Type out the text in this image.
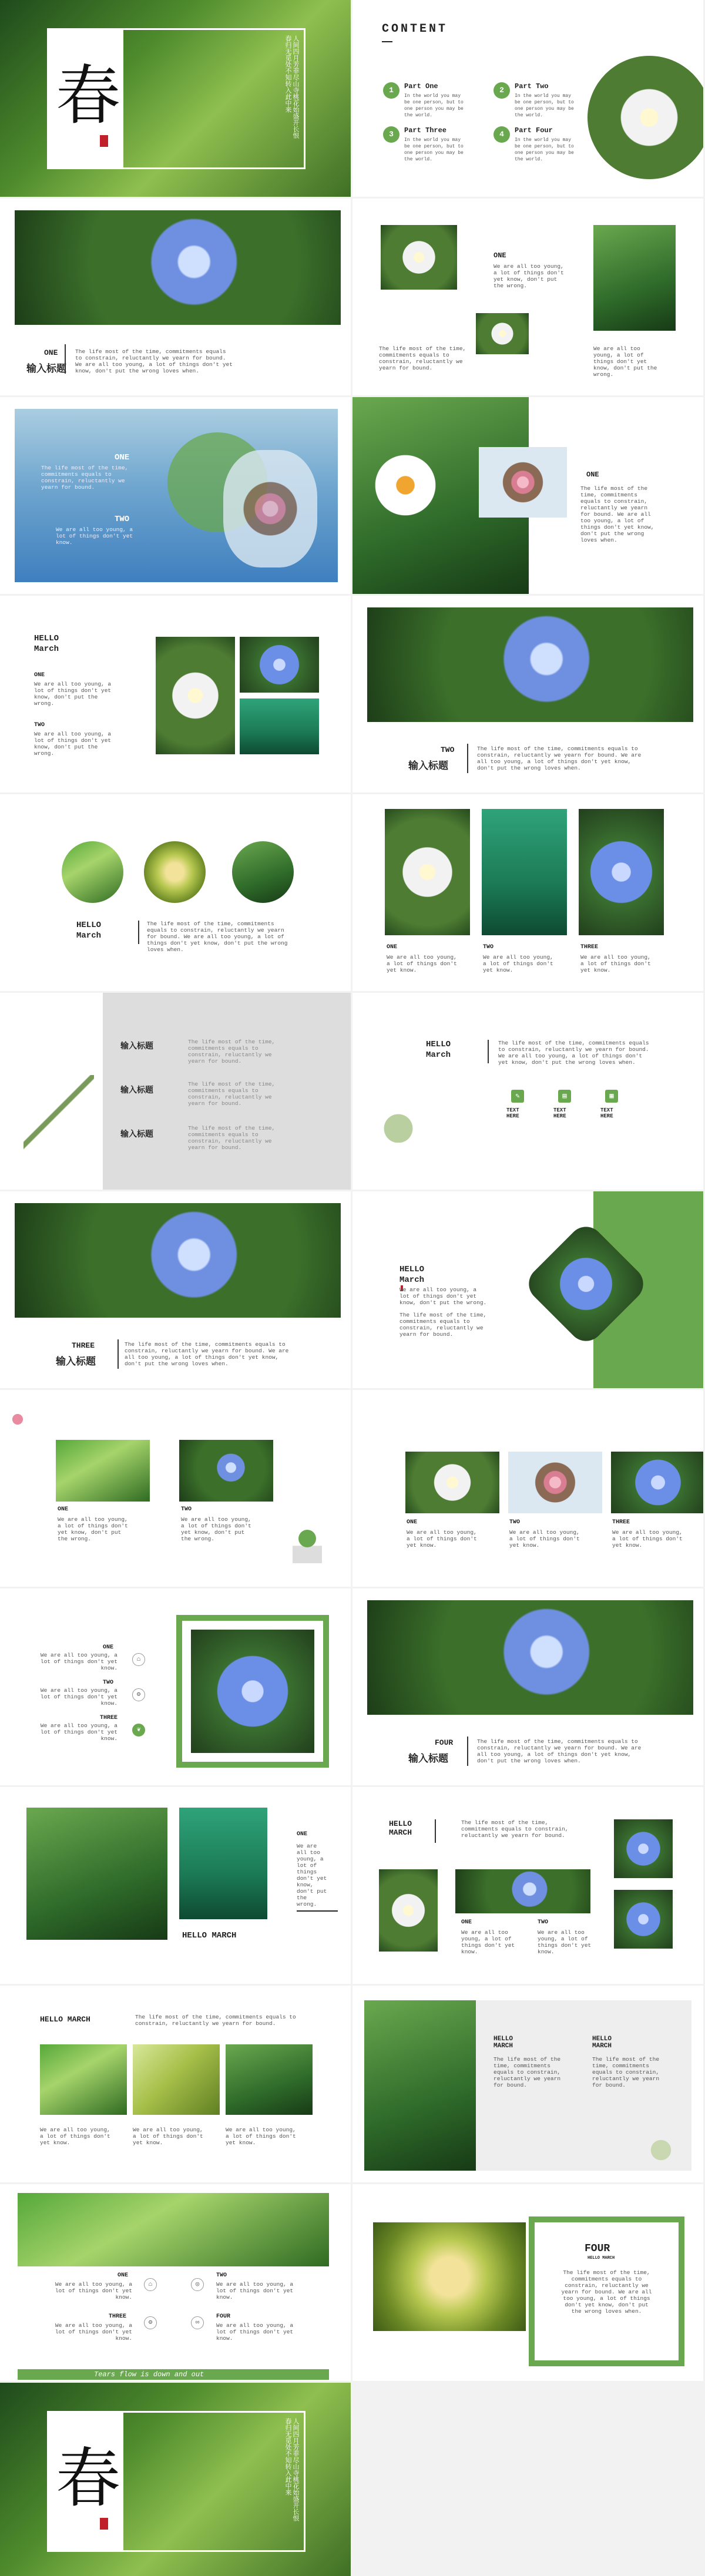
春	人间四月芳菲尽山寺桃花始盛开长恨春归无觅处不知转入此中来
CONTENT
1	Part One
In the world you may be one person, but to one person you may be the world.
2	Part Two
In the world you may be one person, but to one person you may be the world.
3	Part Three
In the world you may be one person, but to one person you may be the world.
4	Part Four
In the world you may be one person, but to one person you may be the world.
ONE
输入标题
The life most of the time, commitments equals to constrain, reluctantly we yearn for bound. We are all too young, a lot of things don't yet know, don't put the wrong loves when.
ONE
We are all too young, a lot of things don't yet know, don't put the wrong.
The life most of the time, commitments equals to constrain, reluctantly we yearn for bound.
We are all too young, a lot of things don't yet know, don't put the wrong.
ONE
The life most of the time, commitments equals to constrain, reluctantly we yearn for bound.
TWO
We are all too young, a lot of things don't yet know.
ONE
The life most of the time, commitments equals to constrain, reluctantly we yearn for bound. We are all too young, a lot of things don't yet know, don't put the wrong loves when.
HELLO
March
ONE
We are all too young, a lot of things don't yet know, don't put the wrong.
TWO
We are all too young, a lot of things don't yet know, don't put the wrong.	TWO
输入标题
The life most of the time, commitments equals to constrain, reluctantly we yearn for bound. We are all too young, a lot of things don't yet know, don't put the wrong loves when.
HELLO
March
The life most of the time, commitments equals to constrain, reluctantly we yearn for bound. We are all too young, a lot of things don't yet know, don't put the wrong loves when.	ONE
We are all too young, a lot of things don't yet know.
TWO
We are all too young, a lot of things don't yet know.
THREE
We are all too young, a lot of things don't yet know.
输入标题	The life most of the time, commitments equals to constrain, reluctantly we yearn for bound.
输入标题
The life most of the time, commitments equals to constrain, reluctantly we yearn for bound.
输入标题
The life most of the time, commitments equals to constrain, reluctantly we yearn for bound.
HELLO
March
The life most of the time, commitments equals to constrain, reluctantly we yearn for bound. We are all too young, a lot of things don't yet know, don't put the wrong loves when.
✎
TEXT HERE
▤
TEXT HERE
▦
TEXT HERE
THREE
输入标题
The life most of the time, commitments equals to constrain, reluctantly we yearn for bound. We are all too young, a lot of things don't yet know, don't put the wrong loves when.
HELLO
March
We are all too young, a lot of things don't yet know, don't put the wrong.
The life most of the time, commitments equals to constrain, reluctantly we yearn for bound.
ONE
We are all too young, a lot of things don't yet know, don't put the wrong.
TWO
We are all too young, a lot of things don't yet know, don't put the wrong.
ONE
We are all too young, a lot of things don't yet know.
TWO
We are all too young, a lot of things don't yet know.
THREE
We are all too young, a lot of things don't yet know.
ONE
We are all too young, a lot of things don't yet know.
TWO
We are all too young, a lot of things don't yet know.
THREE
We are all too young, a lot of things don't yet know.
⌂
⚙
❦
FOUR
输入标题
The life most of the time, commitments equals to constrain, reluctantly we yearn for bound. We are all too young, a lot of things don't yet know, don't put the wrong loves when.
HELLO MARCH
ONE
We are all too young, a lot of things don't yet know, don't put the wrong.
HELLO MARCH
The life most of the time, commitments equals to constrain, reluctantly we yearn for bound.
ONE
We are all too young, a lot of things don't yet know.
TWO
We are all too young, a lot of things don't yet know.
HELLO MARCH	The life most of the time, commitments equals to constrain, reluctantly we yearn for bound.
We are all too young, a lot of things don't yet know.
We are all too young, a lot of things don't yet know.
We are all too young, a lot of things don't yet know.
HELLO MARCH
The life most of the time, commitments equals to constrain, reluctantly we yearn for bound.
HELLO MARCH
The life most of the time, commitments equals to constrain, reluctantly we yearn for bound.
ONE
We are all too young, a lot of things don't yet know.
THREE
We are all too young, a lot of things don't yet know.
⌂
⚙
◎
∞
TWO
We are all too young, a lot of things don't yet know.
FOUR
We are all too young, a lot of things don't yet know.
Tears flow is down and out
FOUR
HELLO MARCH
The life most of the time, commitments equals to constrain, reluctantly we yearn for bound. We are all too young, a lot of things don't yet know, don't put the wrong loves when.
春	人间四月芳菲尽山寺桃花始盛开长恨春归无觅处不知转入此中来
